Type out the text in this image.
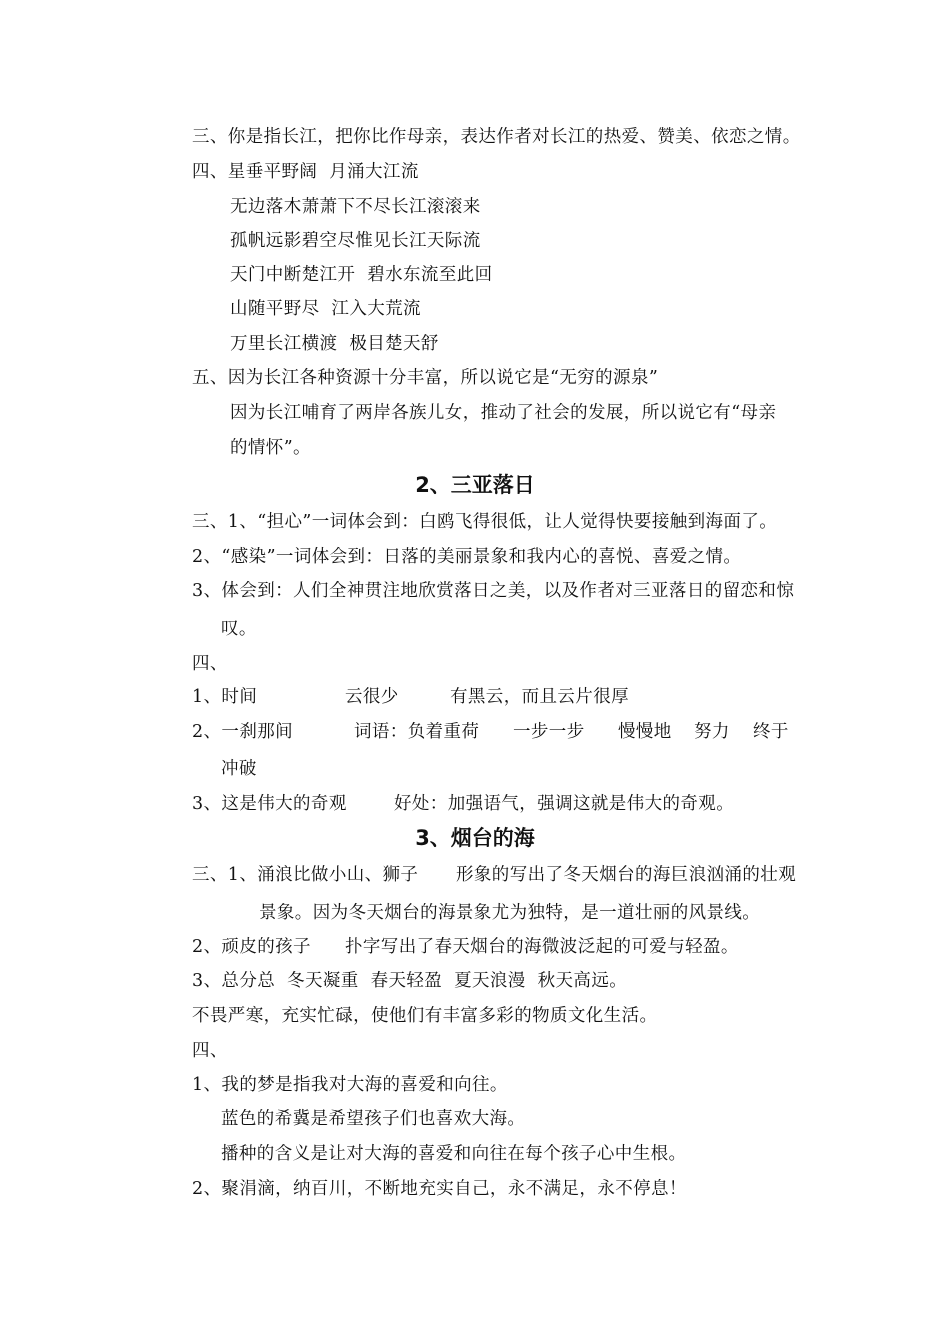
三、你是指长江，把你比作母亲，表达作者对长江的热爱、赞美、依恋之情。
四、星垂平野阔  月涌大江流
无边落木萧萧下不尽长江滚滚来
孤帆远影碧空尽惟见长江天际流
天门中断楚江开  碧水东流至此回
山随平野尽  江入大荒流
万里长江横渡  极目楚天舒
五、因为长江各种资源十分丰富，所以说它是“无穷的源泉”
因为长江哺育了两岸各族儿女，推动了社会的发展，所以说它有“母亲
的情怀”。
2、三亚落日
三、1、“担心”一词体会到：白鸥飞得很低，让人觉得快要接触到海面了。
2、“感染”一词体会到：日落的美丽景象和我内心的喜悦、喜爱之情。
3、体会到：人们全神贯注地欣赏落日之美，以及作者对三亚落日的留恋和惊
叹。
四、
1、时间	云很少	有黑云，而且云片很厚
2、一刹那间	词语：负着重荷 一步一步 慢慢地 努力 终于
冲破
3、这是伟大的奇观	好处：加强语气，强调这就是伟大的奇观。
3、烟台的海
三、1、涌浪比做小山、狮子 形象的写出了冬天烟台的海巨浪汹涌的壮观
景象。因为冬天烟台的海景象尤为独特，是一道壮丽的风景线。
2、顽皮的孩子 扑字写出了春天烟台的海微波泛起的可爱与轻盈。
3、总分总  冬天凝重  春天轻盈  夏天浪漫  秋天高远。
不畏严寒，充实忙碌，使他们有丰富多彩的物质文化生活。
四、
1、我的梦是指我对大海的喜爱和向往。
蓝色的希冀是希望孩子们也喜欢大海。
播种的含义是让对大海的喜爱和向往在每个孩子心中生根。
2、聚涓滴，纳百川，不断地充实自己，永不满足，永不停息！
